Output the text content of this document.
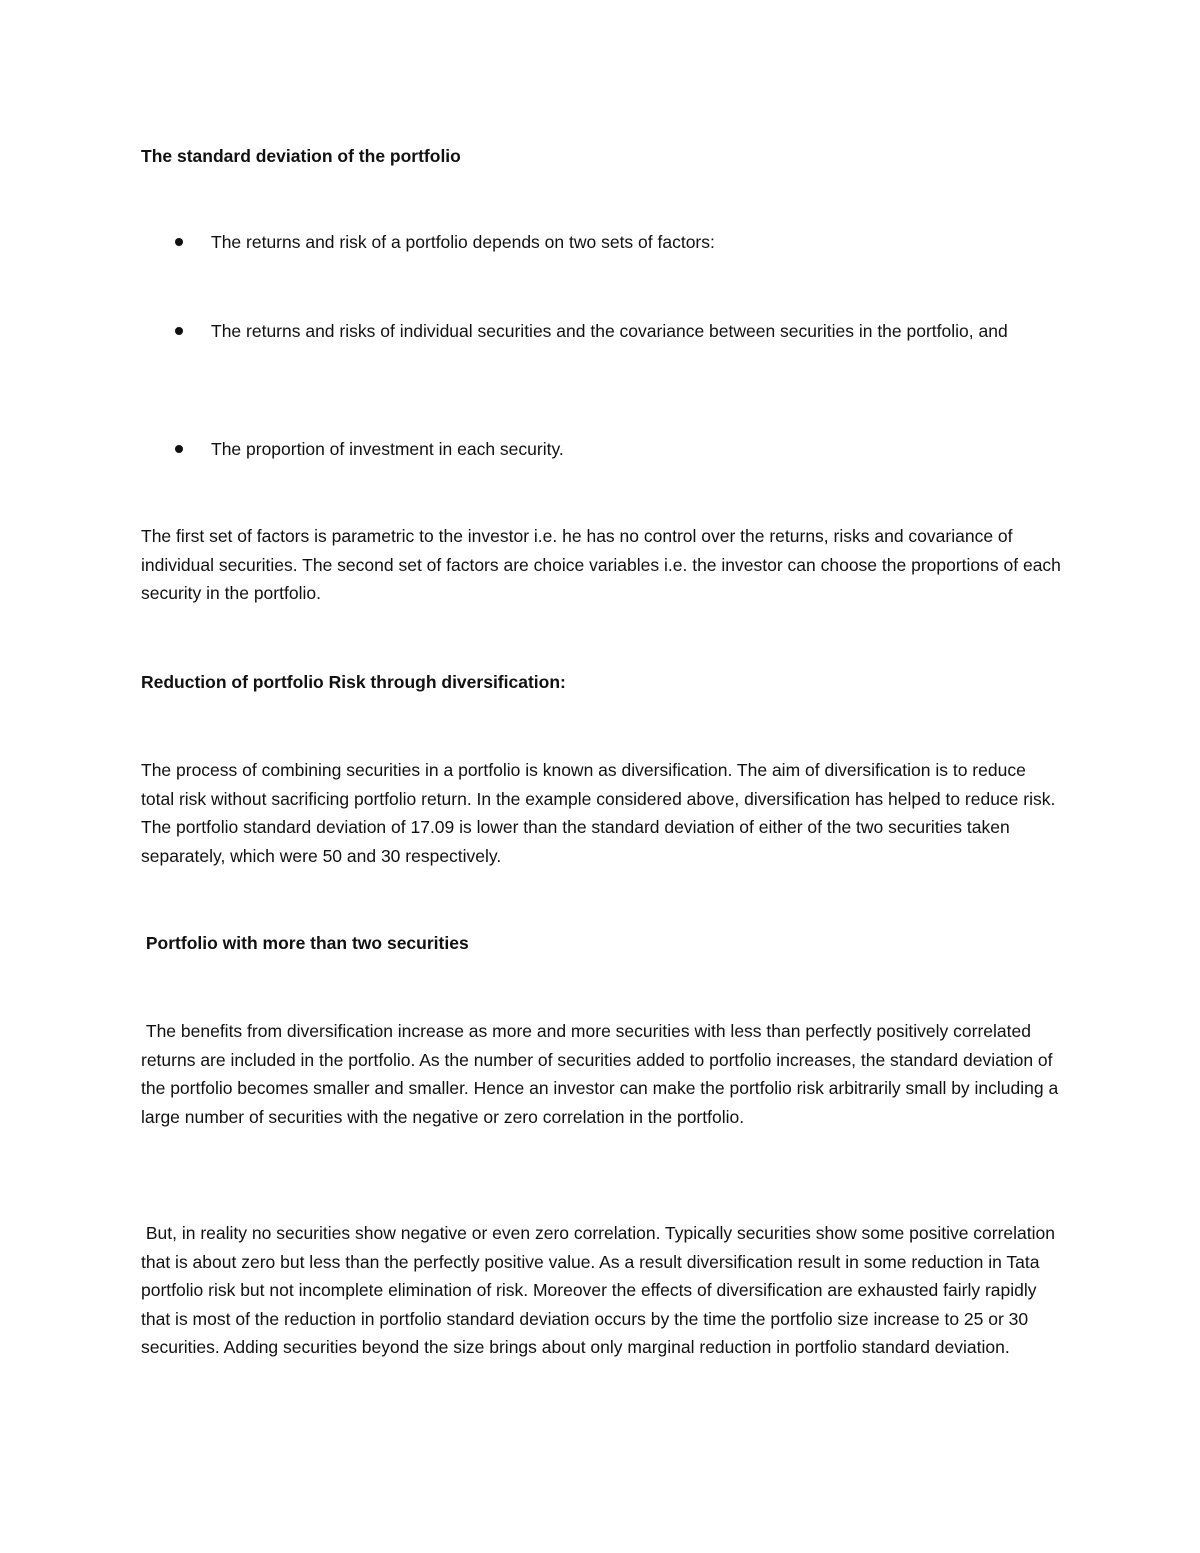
The standard deviation of the portfolio

The returns and risk of a portfolio depends on two sets of factors:

The returns and risks of individual securities and the covariance between securities in the portfolio, and

The proportion of investment in each security.

The first set of factors is parametric to the investor i.e. he has no control over the returns, risks and covariance of individual securities. The second set of factors are choice variables i.e. the investor can choose the proportions of each security in the portfolio.

Reduction of portfolio Risk through diversification:

The process of combining securities in a portfolio is known as diversification. The aim of diversification is to reduce total risk without sacrificing portfolio return. In the example considered above, diversification has helped to reduce risk. The portfolio standard deviation of 17.09 is lower than the standard deviation of either of the two securities taken separately, which were 50 and 30 respectively.

Portfolio with more than two securities

The benefits from diversification increase as more and more securities with less than perfectly positively correlated returns are included in the portfolio. As the number of securities added to portfolio increases, the standard deviation of the portfolio becomes smaller and smaller. Hence an investor can make the portfolio risk arbitrarily small by including a large number of securities with the negative or zero correlation in the portfolio.

But, in reality no securities show negative or even zero correlation. Typically securities show some positive correlation that is about zero but less than the perfectly positive value. As a result diversification result in some reduction in Tata portfolio risk but not incomplete elimination of risk. Moreover the effects of diversification are exhausted fairly rapidly that is most of the reduction in portfolio standard deviation occurs by the time the portfolio size increase to 25 or 30 securities. Adding securities beyond the size brings about only marginal reduction in portfolio standard deviation.
